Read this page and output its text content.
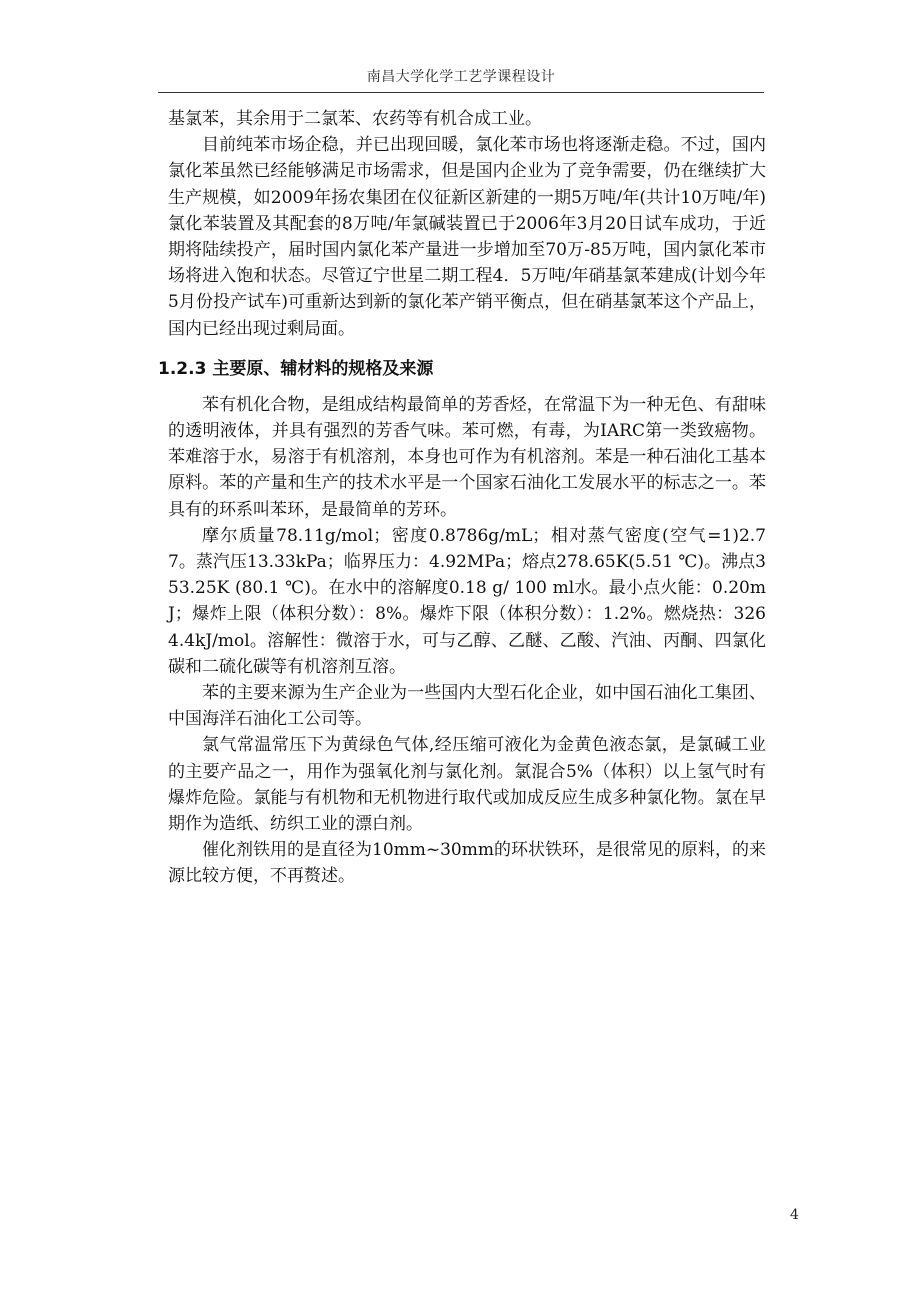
南昌大学化学工艺学课程设计

基氯苯，其余用于二氯苯、农药等有机合成工业。

目前纯苯市场企稳，并已出现回暖，氯化苯市场也将逐渐走稳。不过，国内氯化苯虽然已经能够满足市场需求，但是国内企业为了竞争需要，仍在继续扩大生产规模，如2009年扬农集团在仪征新区新建的一期5万吨/年(共计10万吨/年)氯化苯装置及其配套的8万吨/年氯碱装置已于2006年3月20日试车成功，于近期将陆续投产，届时国内氯化苯产量进一步增加至70万-85万吨，国内氯化苯市场将进入饱和状态。尽管辽宁世星二期工程4．5万吨/年硝基氯苯建成(计划今年5月份投产试车)可重新达到新的氯化苯产销平衡点，但在硝基氯苯这个产品上，国内已经出现过剩局面。

1.2.3 主要原、辅材料的规格及来源

苯有机化合物，是组成结构最简单的芳香烃，在常温下为一种无色、有甜味的透明液体，并具有强烈的芳香气味。苯可燃，有毒，为IARC第一类致癌物。苯难溶于水，易溶于有机溶剂，本身也可作为有机溶剂。苯是一种石油化工基本原料。苯的产量和生产的技术水平是一个国家石油化工发展水平的标志之一。苯具有的环系叫苯环，是最简单的芳环。

摩尔质量78.11g/mol；密度0.8786g/mL；相对蒸气密度(空气=1)2.77。蒸汽压13.33kPa；临界压力：4.92MPa；熔点278.65K(5.51 ℃)。沸点353.25K (80.1 ℃)。在水中的溶解度0.18 g/ 100 ml水。最小点火能：0.20mJ；爆炸上限（体积分数）：8%。爆炸下限（体积分数）：1.2%。燃烧热：3264.4kJ/mol。溶解性：微溶于水，可与乙醇、乙醚、乙酸、汽油、丙酮、四氯化碳和二硫化碳等有机溶剂互溶。

苯的主要来源为生产企业为一些国内大型石化企业，如中国石油化工集团、中国海洋石油化工公司等。

氯气常温常压下为黄绿色气体,经压缩可液化为金黄色液态氯，是氯碱工业的主要产品之一，用作为强氧化剂与氯化剂。氯混合5%（体积）以上氢气时有爆炸危险。氯能与有机物和无机物进行取代或加成反应生成多种氯化物。氯在早期作为造纸、纺织工业的漂白剂。

催化剂铁用的是直径为10mm~30mm的环状铁环，是很常见的原料，的来源比较方便，不再赘述。

4
